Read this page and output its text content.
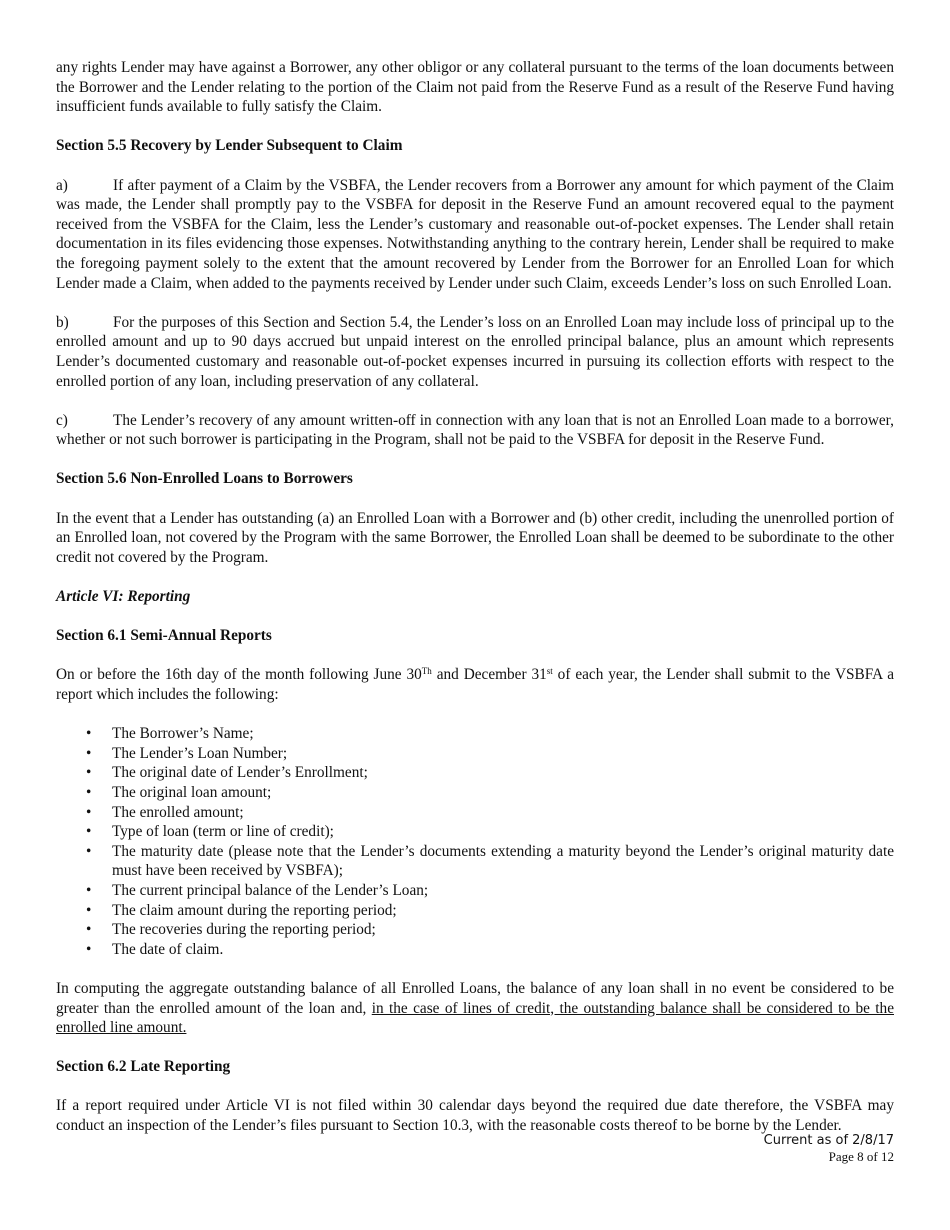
any rights Lender may have against a Borrower, any other obligor or any collateral pursuant to the terms of the loan documents between the Borrower and the Lender relating to the portion of the Claim not paid from the Reserve Fund as a result of the Reserve Fund having insufficient funds available to fully satisfy the Claim.

Section 5.5 Recovery by Lender Subsequent to Claim

a)	If after payment of a Claim by the VSBFA, the Lender recovers from a Borrower any amount for which payment of the Claim was made, the Lender shall promptly pay to the VSBFA for deposit in the Reserve Fund an amount recovered equal to the payment received from the VSBFA for the Claim, less the Lender’s customary and reasonable out-of-pocket expenses. The Lender shall retain documentation in its files evidencing those expenses. Notwithstanding anything to the contrary herein, Lender shall be required to make the foregoing payment solely to the extent that the amount recovered by Lender from the Borrower for an Enrolled Loan for which Lender made a Claim, when added to the payments received by Lender under such Claim, exceeds Lender’s loss on such Enrolled Loan.

b)	For the purposes of this Section and Section 5.4, the Lender’s loss on an Enrolled Loan may include loss of principal up to the enrolled amount and up to 90 days accrued but unpaid interest on the enrolled principal balance, plus an amount which represents Lender’s documented customary and reasonable out-of-pocket expenses incurred in pursuing its collection efforts with respect to the enrolled portion of any loan, including preservation of any collateral.

c)	The Lender’s recovery of any amount written-off in connection with any loan that is not an Enrolled Loan made to a borrower, whether or not such borrower is participating in the Program, shall not be paid to the VSBFA for deposit in the Reserve Fund.

Section 5.6 Non-Enrolled Loans to Borrowers

In the event that a Lender has outstanding (a) an Enrolled Loan with a Borrower and (b) other credit, including the unenrolled portion of an Enrolled loan, not covered by the Program with the same Borrower, the Enrolled Loan shall be deemed to be subordinate to the other credit not covered by the Program.

Article VI: Reporting
Section 6.1 Semi-Annual Reports

On or before the 16th day of the month following June 30Th and December 31st of each year, the Lender shall submit to the VSBFA a report which includes the following:

• The Borrower’s Name;
• The Lender’s Loan Number;
• The original date of Lender’s Enrollment;
• The original loan amount;
• The enrolled amount;
• Type of loan (term or line of credit);
• The maturity date (please note that the Lender’s documents extending a maturity beyond the Lender’s original maturity date must have been received by VSBFA);
• The current principal balance of the Lender’s Loan;
• The claim amount during the reporting period;
• The recoveries during the reporting period;
• The date of claim.

In computing the aggregate outstanding balance of all Enrolled Loans, the balance of any loan shall in no event be considered to be greater than the enrolled amount of the loan and, in the case of lines of credit, the outstanding balance shall be considered to be the enrolled line amount.

Section 6.2 Late Reporting

If a report required under Article VI is not filed within 30 calendar days beyond the required due date therefore, the VSBFA may conduct an inspection of the Lender’s files pursuant to Section 10.3, with the reasonable costs thereof to be borne by the Lender.

Current as of 2/8/17
Page 8 of 12
